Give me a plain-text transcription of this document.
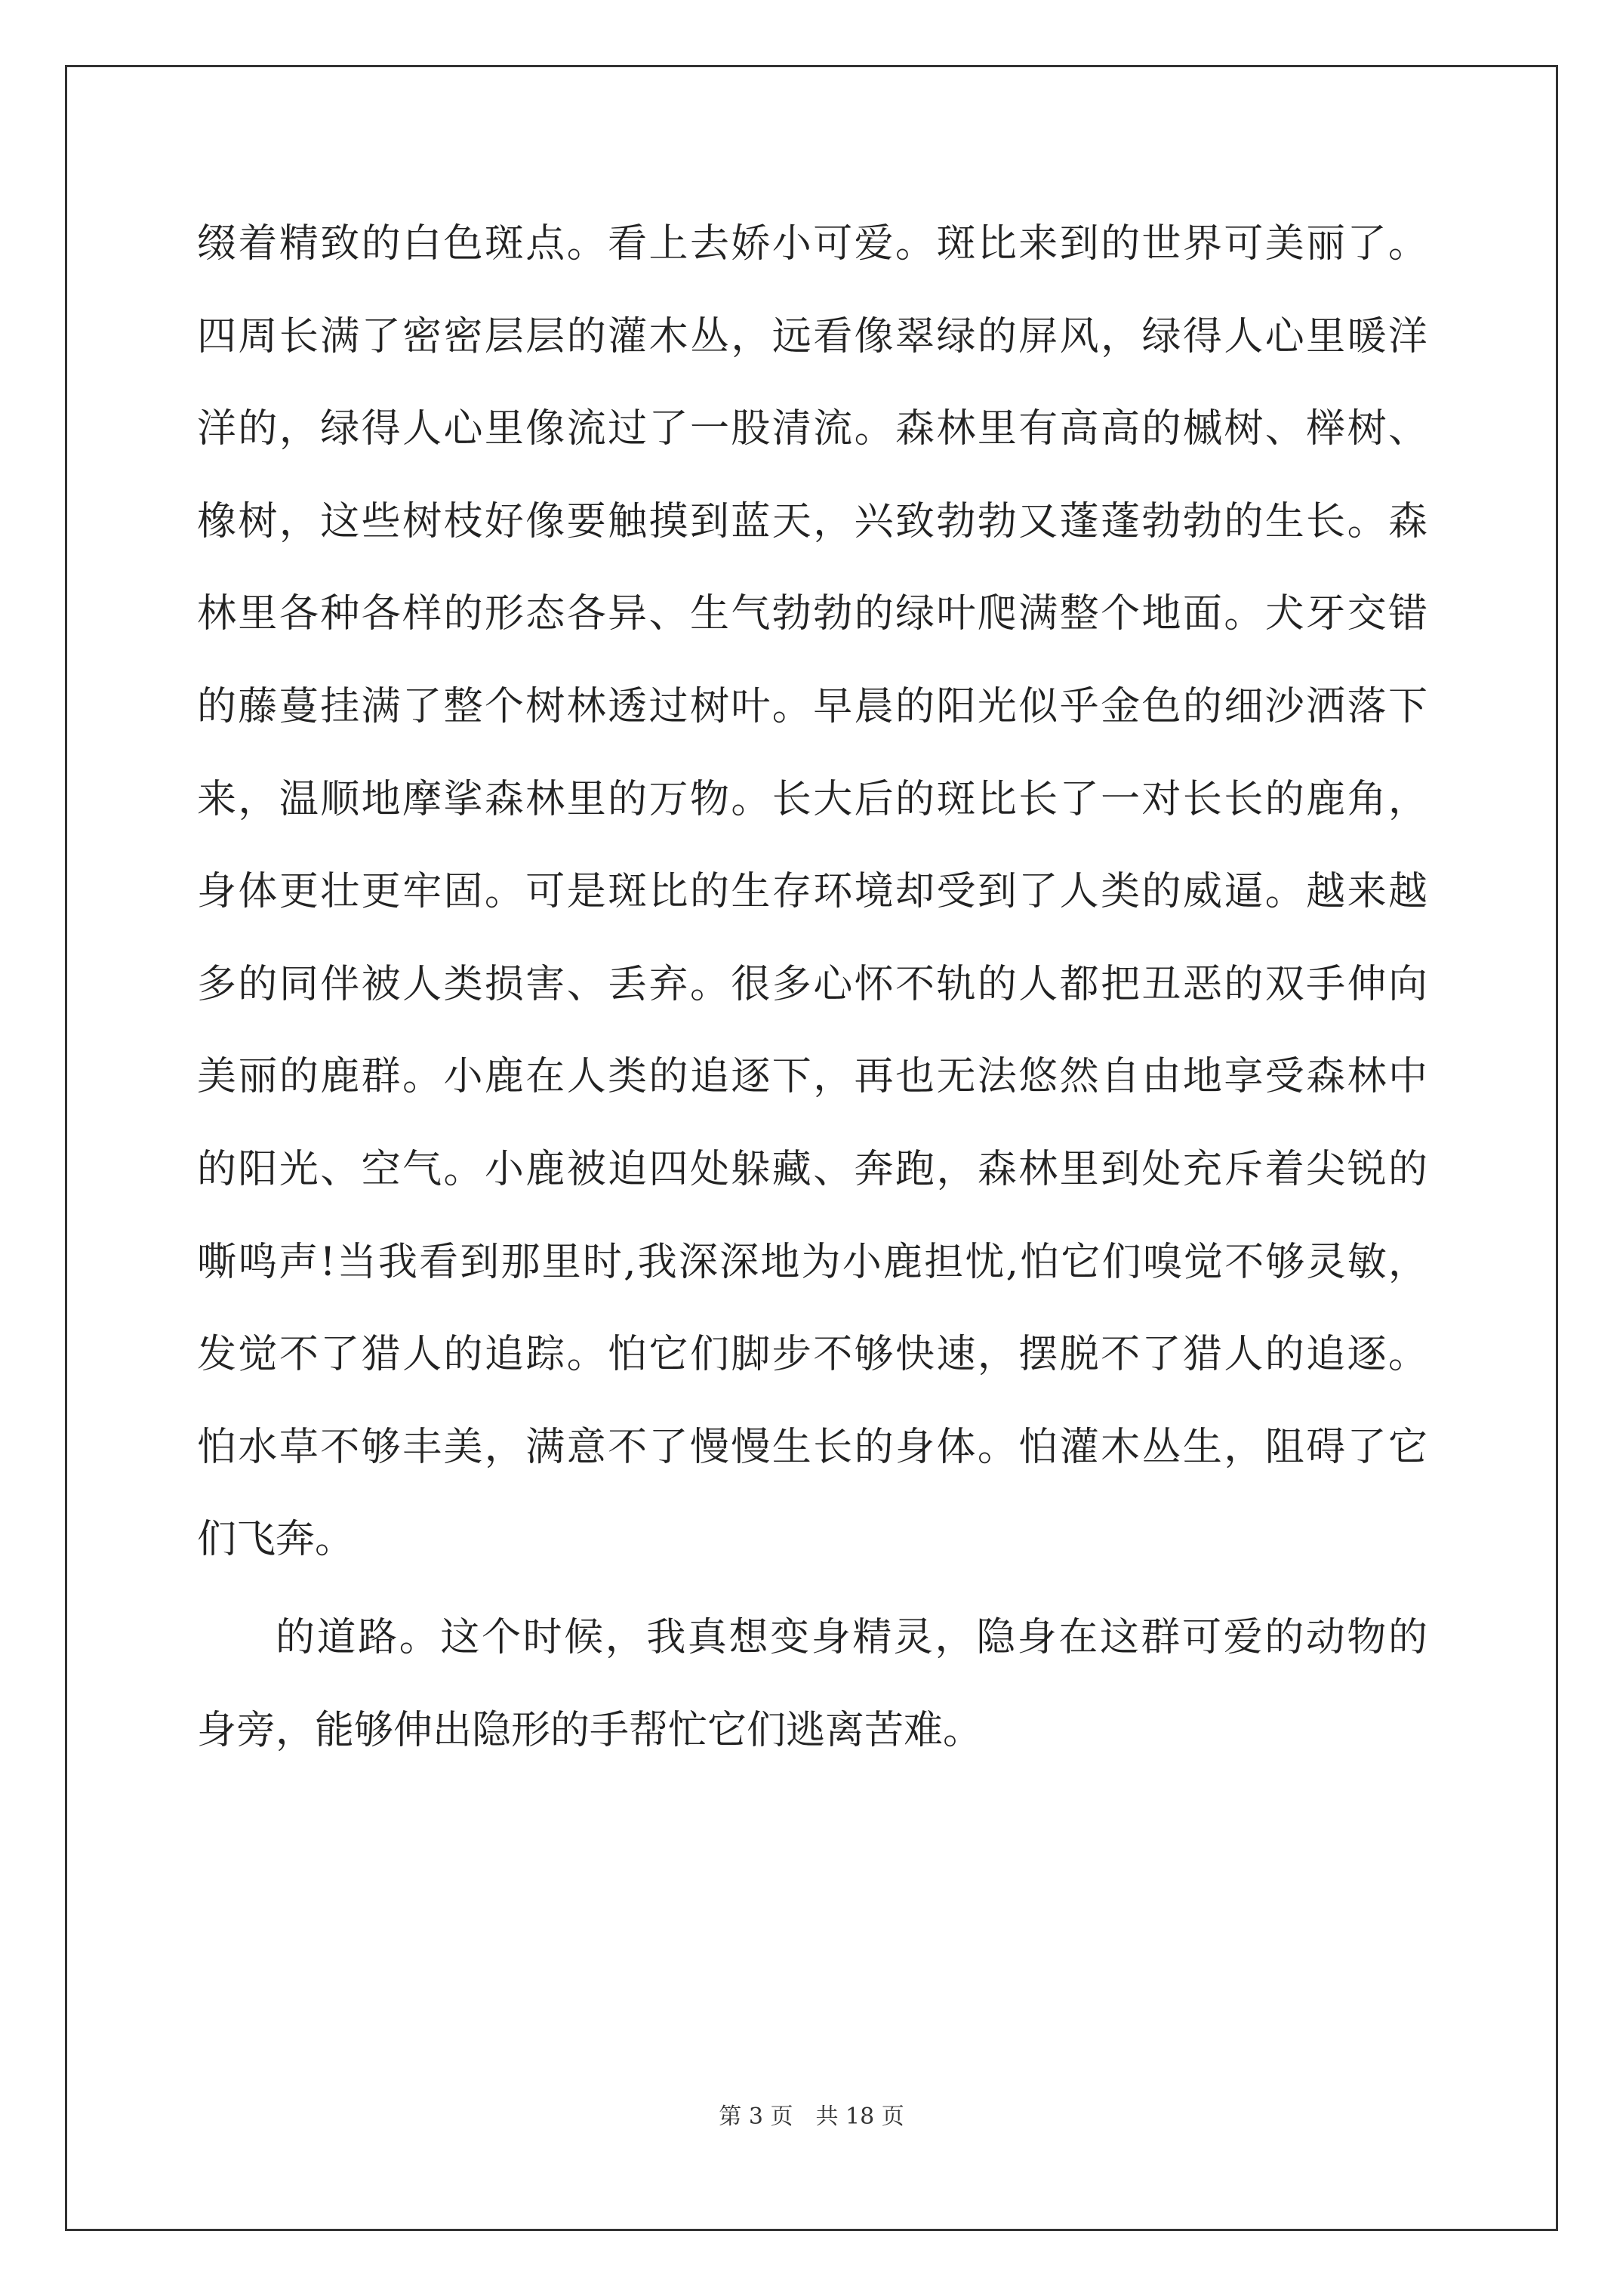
缀着精致的白色斑点。看上去娇小可爱。斑比来到的世界可美丽了。
四周长满了密密层层的灌木丛，远看像翠绿的屏风，绿得人心里暖洋
洋的，绿得人心里像流过了一股清流。森林里有高高的槭树、榉树、
橡树，这些树枝好像要触摸到蓝天，兴致勃勃又蓬蓬勃勃的生长。森
林里各种各样的形态各异、生气勃勃的绿叶爬满整个地面。犬牙交错
的藤蔓挂满了整个树林透过树叶。早晨的阳光似乎金色的细沙洒落下
来，温顺地摩挲森林里的万物。长大后的斑比长了一对长长的鹿角，
身体更壮更牢固。可是斑比的生存环境却受到了人类的威逼。越来越
多的同伴被人类损害、丢弃。很多心怀不轨的人都把丑恶的双手伸向
美丽的鹿群。小鹿在人类的追逐下，再也无法悠然自由地享受森林中
的阳光、空气。小鹿被迫四处躲藏、奔跑，森林里到处充斥着尖锐的
嘶鸣声!当我看到那里时,我深深地为小鹿担忧,怕它们嗅觉不够灵敏，
发觉不了猎人的追踪。怕它们脚步不够快速，摆脱不了猎人的追逐。
怕水草不够丰美，满意不了慢慢生长的身体。怕灌木丛生，阻碍了它
们飞奔。
的道路。这个时候，我真想变身精灵，隐身在这群可爱的动物的
身旁，能够伸出隐形的手帮忙它们逃离苦难。
第 3 页　共 18 页
